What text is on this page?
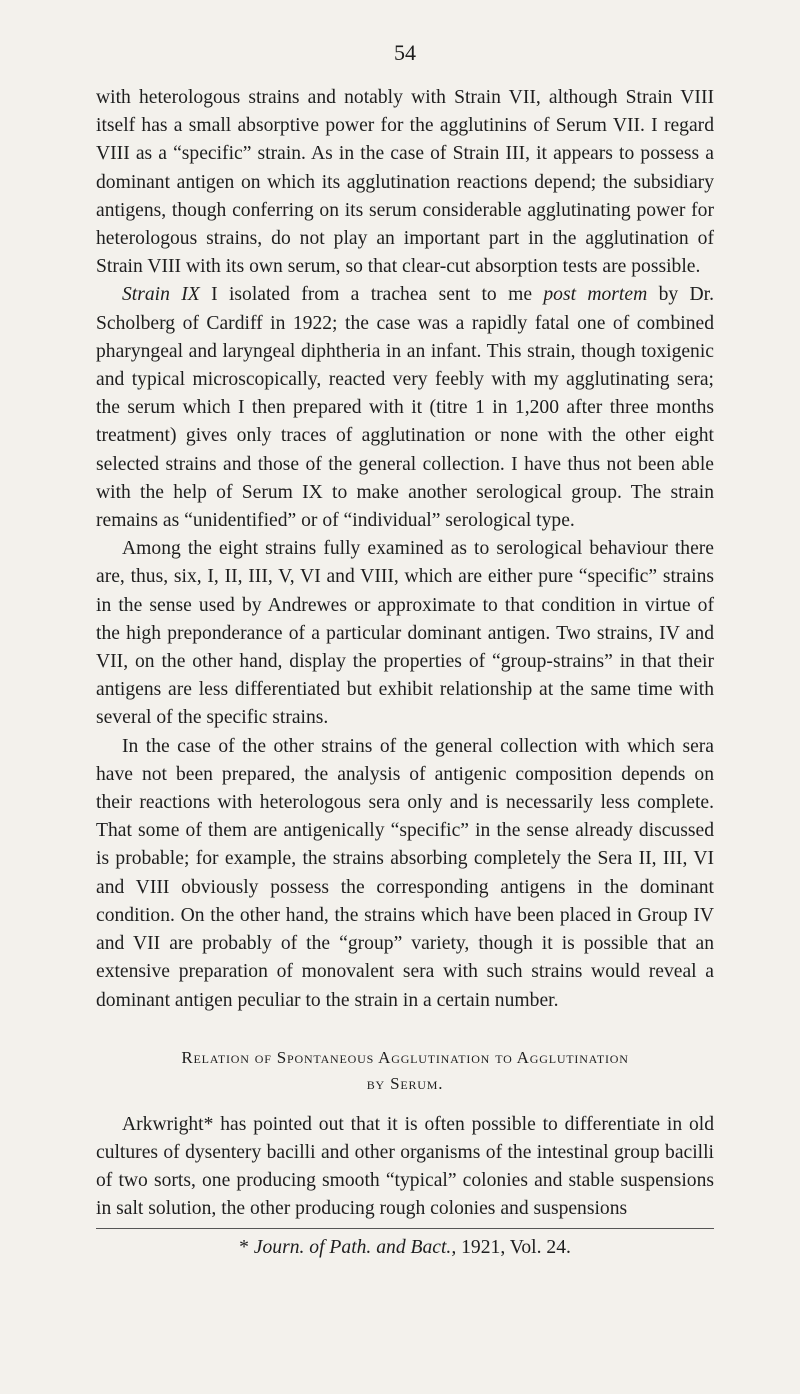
54

with heterologous strains and notably with Strain VII, although Strain VIII itself has a small absorptive power for the agglutinins of Serum VII. I regard VIII as a “specific” strain. As in the case of Strain III, it appears to possess a dominant antigen on which its agglutination reactions depend; the subsidiary antigens, though conferring on its serum considerable agglutinating power for heterologous strains, do not play an important part in the agglutination of Strain VIII with its own serum, so that clear-cut absorption tests are possible.

Strain IX I isolated from a trachea sent to me post mortem by Dr. Scholberg of Cardiff in 1922; the case was a rapidly fatal one of combined pharyngeal and laryngeal diphtheria in an infant. This strain, though toxigenic and typical microscopically, reacted very feebly with my agglutinating sera; the serum which I then prepared with it (titre 1 in 1,200 after three months treatment) gives only traces of agglutination or none with the other eight selected strains and those of the general collection. I have thus not been able with the help of Serum IX to make another serological group. The strain remains as “unidentified” or of “individual” serological type.

Among the eight strains fully examined as to serological behaviour there are, thus, six, I, II, III, V, VI and VIII, which are either pure “specific” strains in the sense used by Andrewes or approximate to that condition in virtue of the high preponderance of a particular dominant antigen. Two strains, IV and VII, on the other hand, display the properties of “group-strains” in that their antigens are less differentiated but exhibit relationship at the same time with several of the specific strains.

In the case of the other strains of the general collection with which sera have not been prepared, the analysis of antigenic composition depends on their reactions with heterologous sera only and is necessarily less complete. That some of them are antigenically “specific” in the sense already discussed is probable; for example, the strains absorbing completely the Sera II, III, VI and VIII obviously possess the corresponding antigens in the dominant condition. On the other hand, the strains which have been placed in Group IV and VII are probably of the “group” variety, though it is possible that an extensive preparation of monovalent sera with such strains would reveal a dominant antigen peculiar to the strain in a certain number.

Relation of Spontaneous Agglutination to Agglutination
by Serum.

Arkwright* has pointed out that it is often possible to differentiate in old cultures of dysentery bacilli and other organisms of the intestinal group bacilli of two sorts, one producing smooth “typical” colonies and stable suspensions in salt solution, the other producing rough colonies and suspensions

* Journ. of Path. and Bact., 1921, Vol. 24.
